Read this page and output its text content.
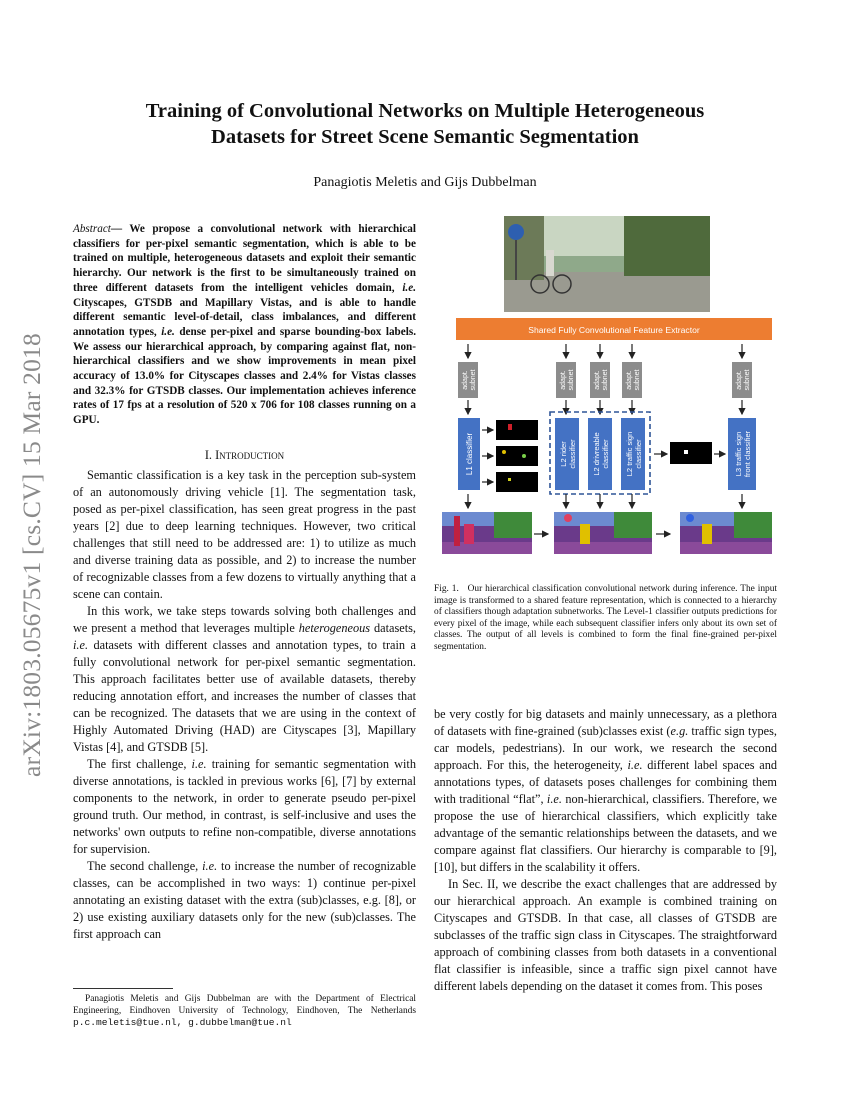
Training of Convolutional Networks on Multiple Heterogeneous
Datasets for Street Scene Semantic Segmentation
Panagiotis Meletis and Gijs Dubbelman
arXiv:1803.05675v1 [cs.CV] 15 Mar 2018
Abstract— We propose a convolutional network with hierarchical classifiers for per-pixel semantic segmentation, which is able to be trained on multiple, heterogeneous datasets and exploit their semantic hierarchy. Our network is the first to be simultaneously trained on three different datasets from the intelligent vehicles domain, i.e. Cityscapes, GTSDB and Mapillary Vistas, and is able to handle different semantic level-of-detail, class imbalances, and different annotation types, i.e. dense per-pixel and sparse bounding-box labels. We assess our hierarchical approach, by comparing against flat, non-hierarchical classifiers and we show improvements in mean pixel accuracy of 13.0% for Cityscapes classes and 2.4% for Vistas classes and 32.3% for GTSDB classes. Our implementation achieves inference rates of 17 fps at a resolution of 520 x 706 for 108 classes running on a GPU.
I. Introduction

Semantic classification is a key task in the perception sub-system of an autonomously driving vehicle [1]. The segmentation task, posed as per-pixel classification, has seen great progress in the past years [2] due to deep learning techniques. However, two critical challenges that still need to be addressed are: 1) to utilize as much and diverse training data as possible, and 2) to increase the number of recognizable classes from a few dozens to virtually anything that a scene can contain.

In this work, we take steps towards solving both challenges and we present a method that leverages multiple heterogeneous datasets, i.e. datasets with different classes and annotation types, to train a fully convolutional network for per-pixel semantic segmentation. This approach facilitates better use of available datasets, thereby reducing annotation effort, and increases the number of classes that can be recognized. The datasets that we are using in the context of Highly Automated Driving (HAD) are Cityscapes [3], Mapillary Vistas [4], and GTSDB [5].

The first challenge, i.e. training for semantic segmentation with diverse annotations, is tackled in previous works [6], [7] by external components to the network, in order to generate pseudo per-pixel ground truth. Our method, in contrast, is self-inclusive and uses the networks' own outputs to refine non-compatible, diverse annotations for supervision.

The second challenge, i.e. to increase the number of recognizable classes, can be accomplished in two ways: 1) continue per-pixel annotating an existing dataset with the extra (sub)classes, e.g. [8], or 2) use existing auxiliary datasets only for the new (sub)classes. The first approach can

Panagiotis Meletis and Gijs Dubbelman are with the Department of Electrical Engineering, Eindhoven University of Technology, Eindhoven, The Netherlands p.c.meletis@tue.nl, g.dubbelman@tue.nl

Shared Fully Convolutional Feature Extractor
adapt.subnet	adapt.subnet	adapt.subnet adapt.subnet	adapt.subnet
L1 classifier	L2 riderclassifier L2 drivreableclassifier L2 traffic signclassifier	L3 traffic signfront classifier
Fig. 1. Our hierarchical classification convolutional network during inference. The input image is transformed to a shared feature representation, which is connected to a hierarchy of classifiers though adaptation subnetworks. The Level-1 classifier outputs predictions for every pixel of the image, while each subsequent classifier infers only about its own set of classes. The output of all levels is combined to form the final fine-grained per-pixel segmentation.

be very costly for big datasets and mainly unnecessary, as a plethora of datasets with fine-grained (sub)classes exist (e.g. traffic sign types, car models, pedestrians). In our work, we research the second approach. For this, the heterogeneity, i.e. different label spaces and annotations types, of datasets poses challenges for combining them with traditional “flat”, i.e. non-hierarchical, classifiers. Therefore, we propose the use of hierarchical classifiers, which explicitly take advantage of the semantic relationships between the datasets, and we compare against flat classifiers. Our hierarchy is comparable to [9], [10], but differs in the scalability it offers.

In Sec. II, we describe the exact challenges that are addressed by our hierarchical approach. An example is combined training on Cityscapes and GTSDB. In that case, all classes of GTSDB are subclasses of the traffic sign class in Cityscapes. The straightforward approach of combining classes from both datasets in a conventional flat classifier is infeasible, since a traffic sign pixel cannot have different labels depending on the dataset it comes from. This poses
